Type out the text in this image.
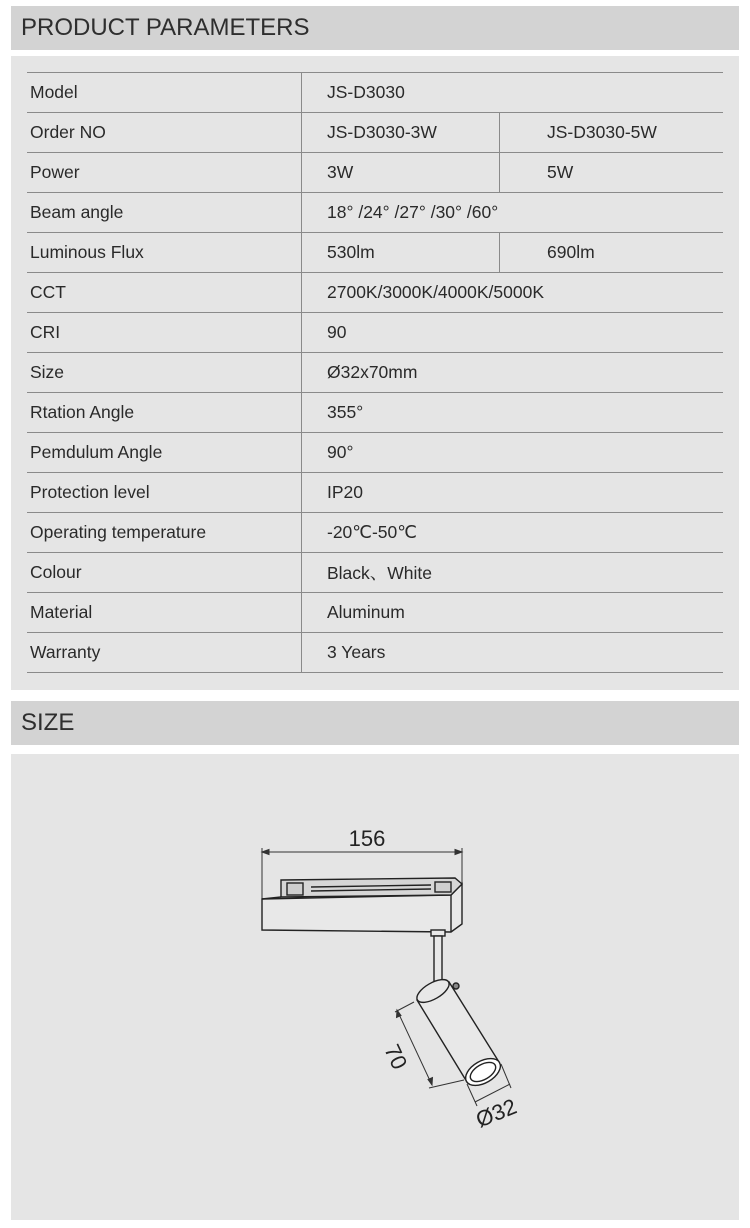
PRODUCT PARAMETERS
Model	JS-D3030	
Order NO	JS-D3030-3W	JS-D3030-5W
Power	3W	5W
Beam angle	18° /24° /27° /30° /60°	
Luminous Flux	530lm	690lm
CCT	2700K/3000K/4000K/5000K	
CRI	90	
Size	Ø32x70mm	
Rtation Angle	355°	
Pemdulum Angle	90°	
Protection level	IP20	
Operating temperature	-20℃-50℃	
Colour	Black、White	
Material	Aluminum	
Warranty	3 Years	
SIZE
156
70
Ø32
